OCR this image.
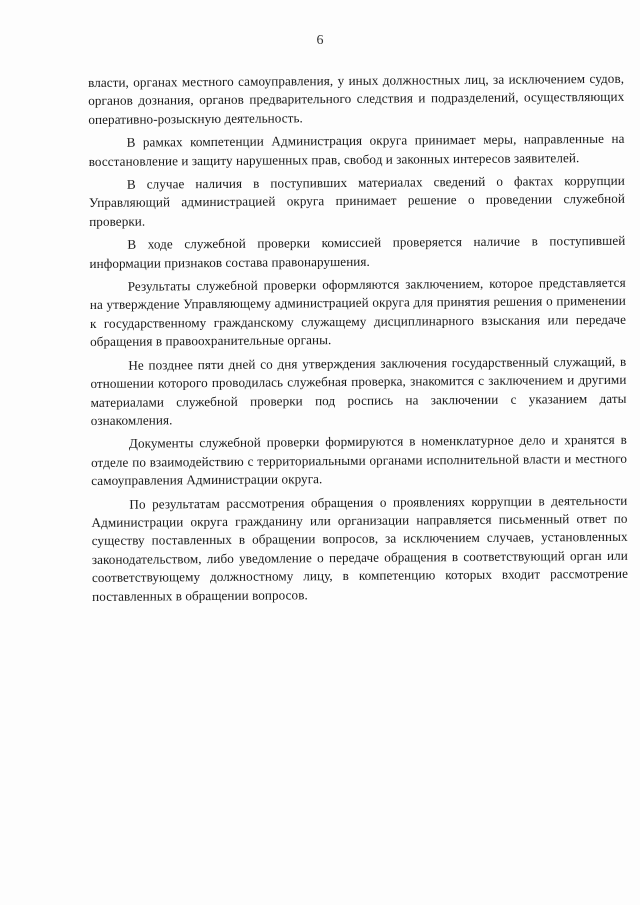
6

власти, органах местного самоуправления, у иных должностных лиц, за исключением судов, органов дознания, органов предварительного следствия и подразделений, осуществляющих оперативно-розыскную деятельность.

В рамках компетенции Администрация округа принимает меры, направленные на восстановление и защиту нарушенных прав, свобод и законных интересов заявителей.

В случае наличия в поступивших материалах сведений о фактах коррупции Управляющий администрацией округа принимает решение о проведении служебной проверки.

В ходе служебной проверки комиссией проверяется наличие в поступившей информации признаков состава правонарушения.

Результаты служебной проверки оформляются заключением, которое представляется на утверждение Управляющему администрацией округа для принятия решения о применении к государственному гражданскому служащему дисциплинарного взыскания или передаче обращения в правоохранительные органы.

Не позднее пяти дней со дня утверждения заключения государственный служащий, в отношении которого проводилась служебная проверка, знакомится с заключением и другими материалами служебной проверки под роспись на заключении с указанием даты ознакомления.

Документы служебной проверки формируются в номенклатурное дело и хранятся в отделе по взаимодействию с территориальными органами исполнительной власти и местного самоуправления Администрации округа.

По результатам рассмотрения обращения о проявлениях коррупции в деятельности Администрации округа гражданину или организации направляется письменный ответ по существу поставленных в обращении вопросов, за исключением случаев, установленных законодательством, либо уведомление о передаче обращения в соответствующий орган или соответствующему должностному лицу, в компетенцию которых входит рассмотрение поставленных в обращении вопросов.
